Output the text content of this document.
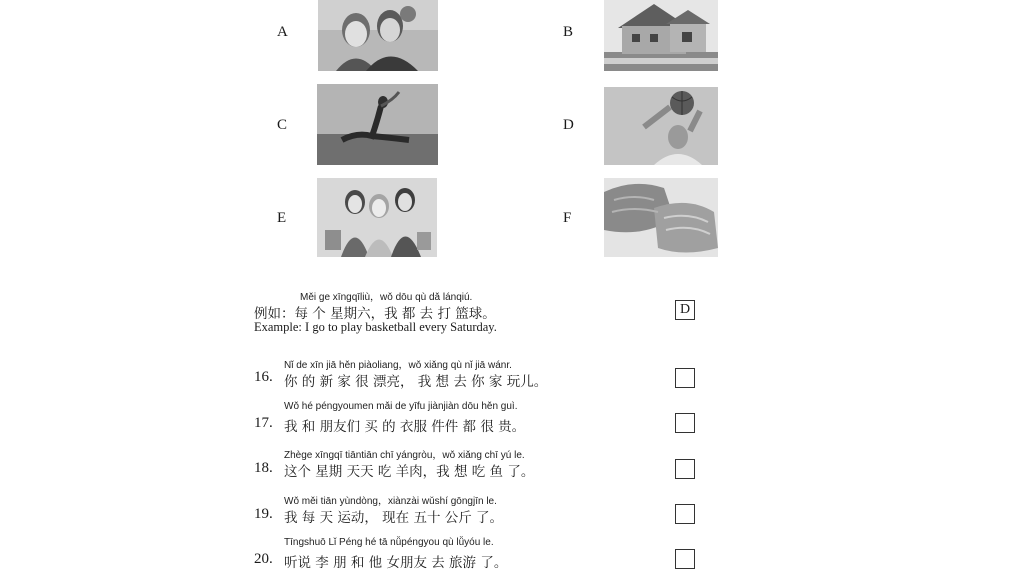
A	B
C	D
E	F
Měi ge xīngqīliù，wǒ dōu qù dǎ lánqiú.
例如：每 个 星期六，我 都 去 打 篮球。
Example: I go to play basketball every Saturday.
D
Nǐ de xīn jiā hěn piàoliang，wǒ xiǎng qù nǐ jiā wánr.
16. 你 的 新 家 很 漂亮， 我 想 去 你 家 玩儿。
Wǒ hé péngyoumen mǎi de yīfu jiànjiàn dōu hěn guì.
17. 我 和 朋友们 买 的 衣服 件件 都 很 贵。
Zhège xīngqī tiāntiān chī yángròu，wǒ xiǎng chī yú le.
18. 这个 星期 天天 吃 羊肉，我 想 吃 鱼 了。
Wǒ měi tiān yùndòng，xiànzài wǔshí gōngjīn le.
19. 我 每 天 运动， 现在 五十 公斤 了。
Tīngshuō Lǐ Péng hé tā nǚpéngyou qù lǚyóu le.
20. 听说 李 朋 和 他 女朋友 去 旅游 了。
